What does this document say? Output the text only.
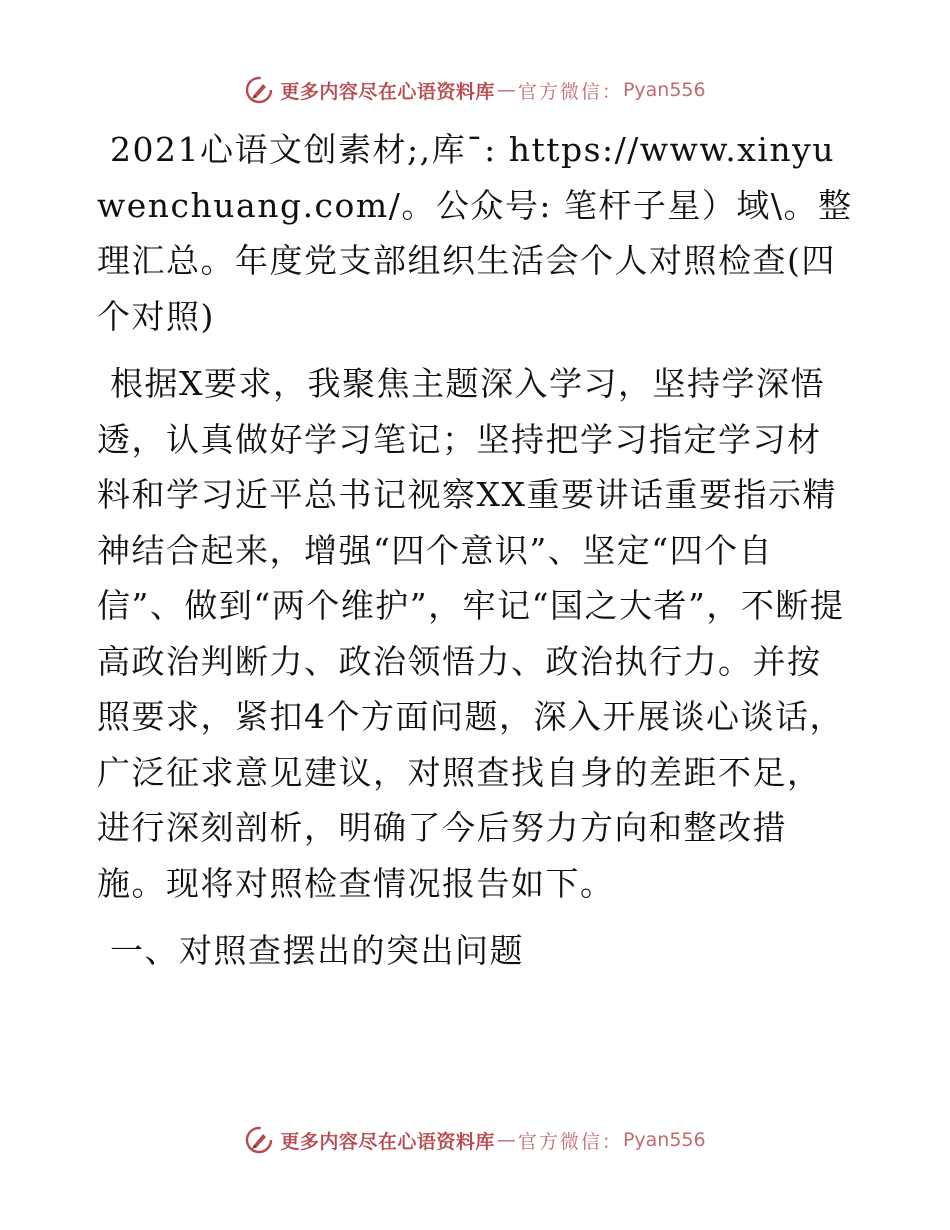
更多内容尽在心语资料库 — 官方微信： Pyan556

2021心语文创素材;,库¯: https://www.xinyuwenchuang.com/。公众号: 笔杆子星）域\。整理汇总。年度党支部组织生活会个人对照检查(四个对照)

根据X要求，我聚焦主题深入学习，坚持学深悟透，认真做好学习笔记；坚持把学习指定学习材料和学习近平总书记视察XX重要讲话重要指示精神结合起来，增强“四个意识”、坚定“四个自信”、做到“两个维护”，牢记“国之大者”，不断提高政治判断力、政治领悟力、政治执行力。并按照要求，紧扣4个方面问题，深入开展谈心谈话，广泛征求意见建议，对照查找自身的差距不足，进行深刻剖析，明确了今后努力方向和整改措施。现将对照检查情况报告如下。

一、对照查摆出的突出问题

更多内容尽在心语资料库 — 官方微信： Pyan556
